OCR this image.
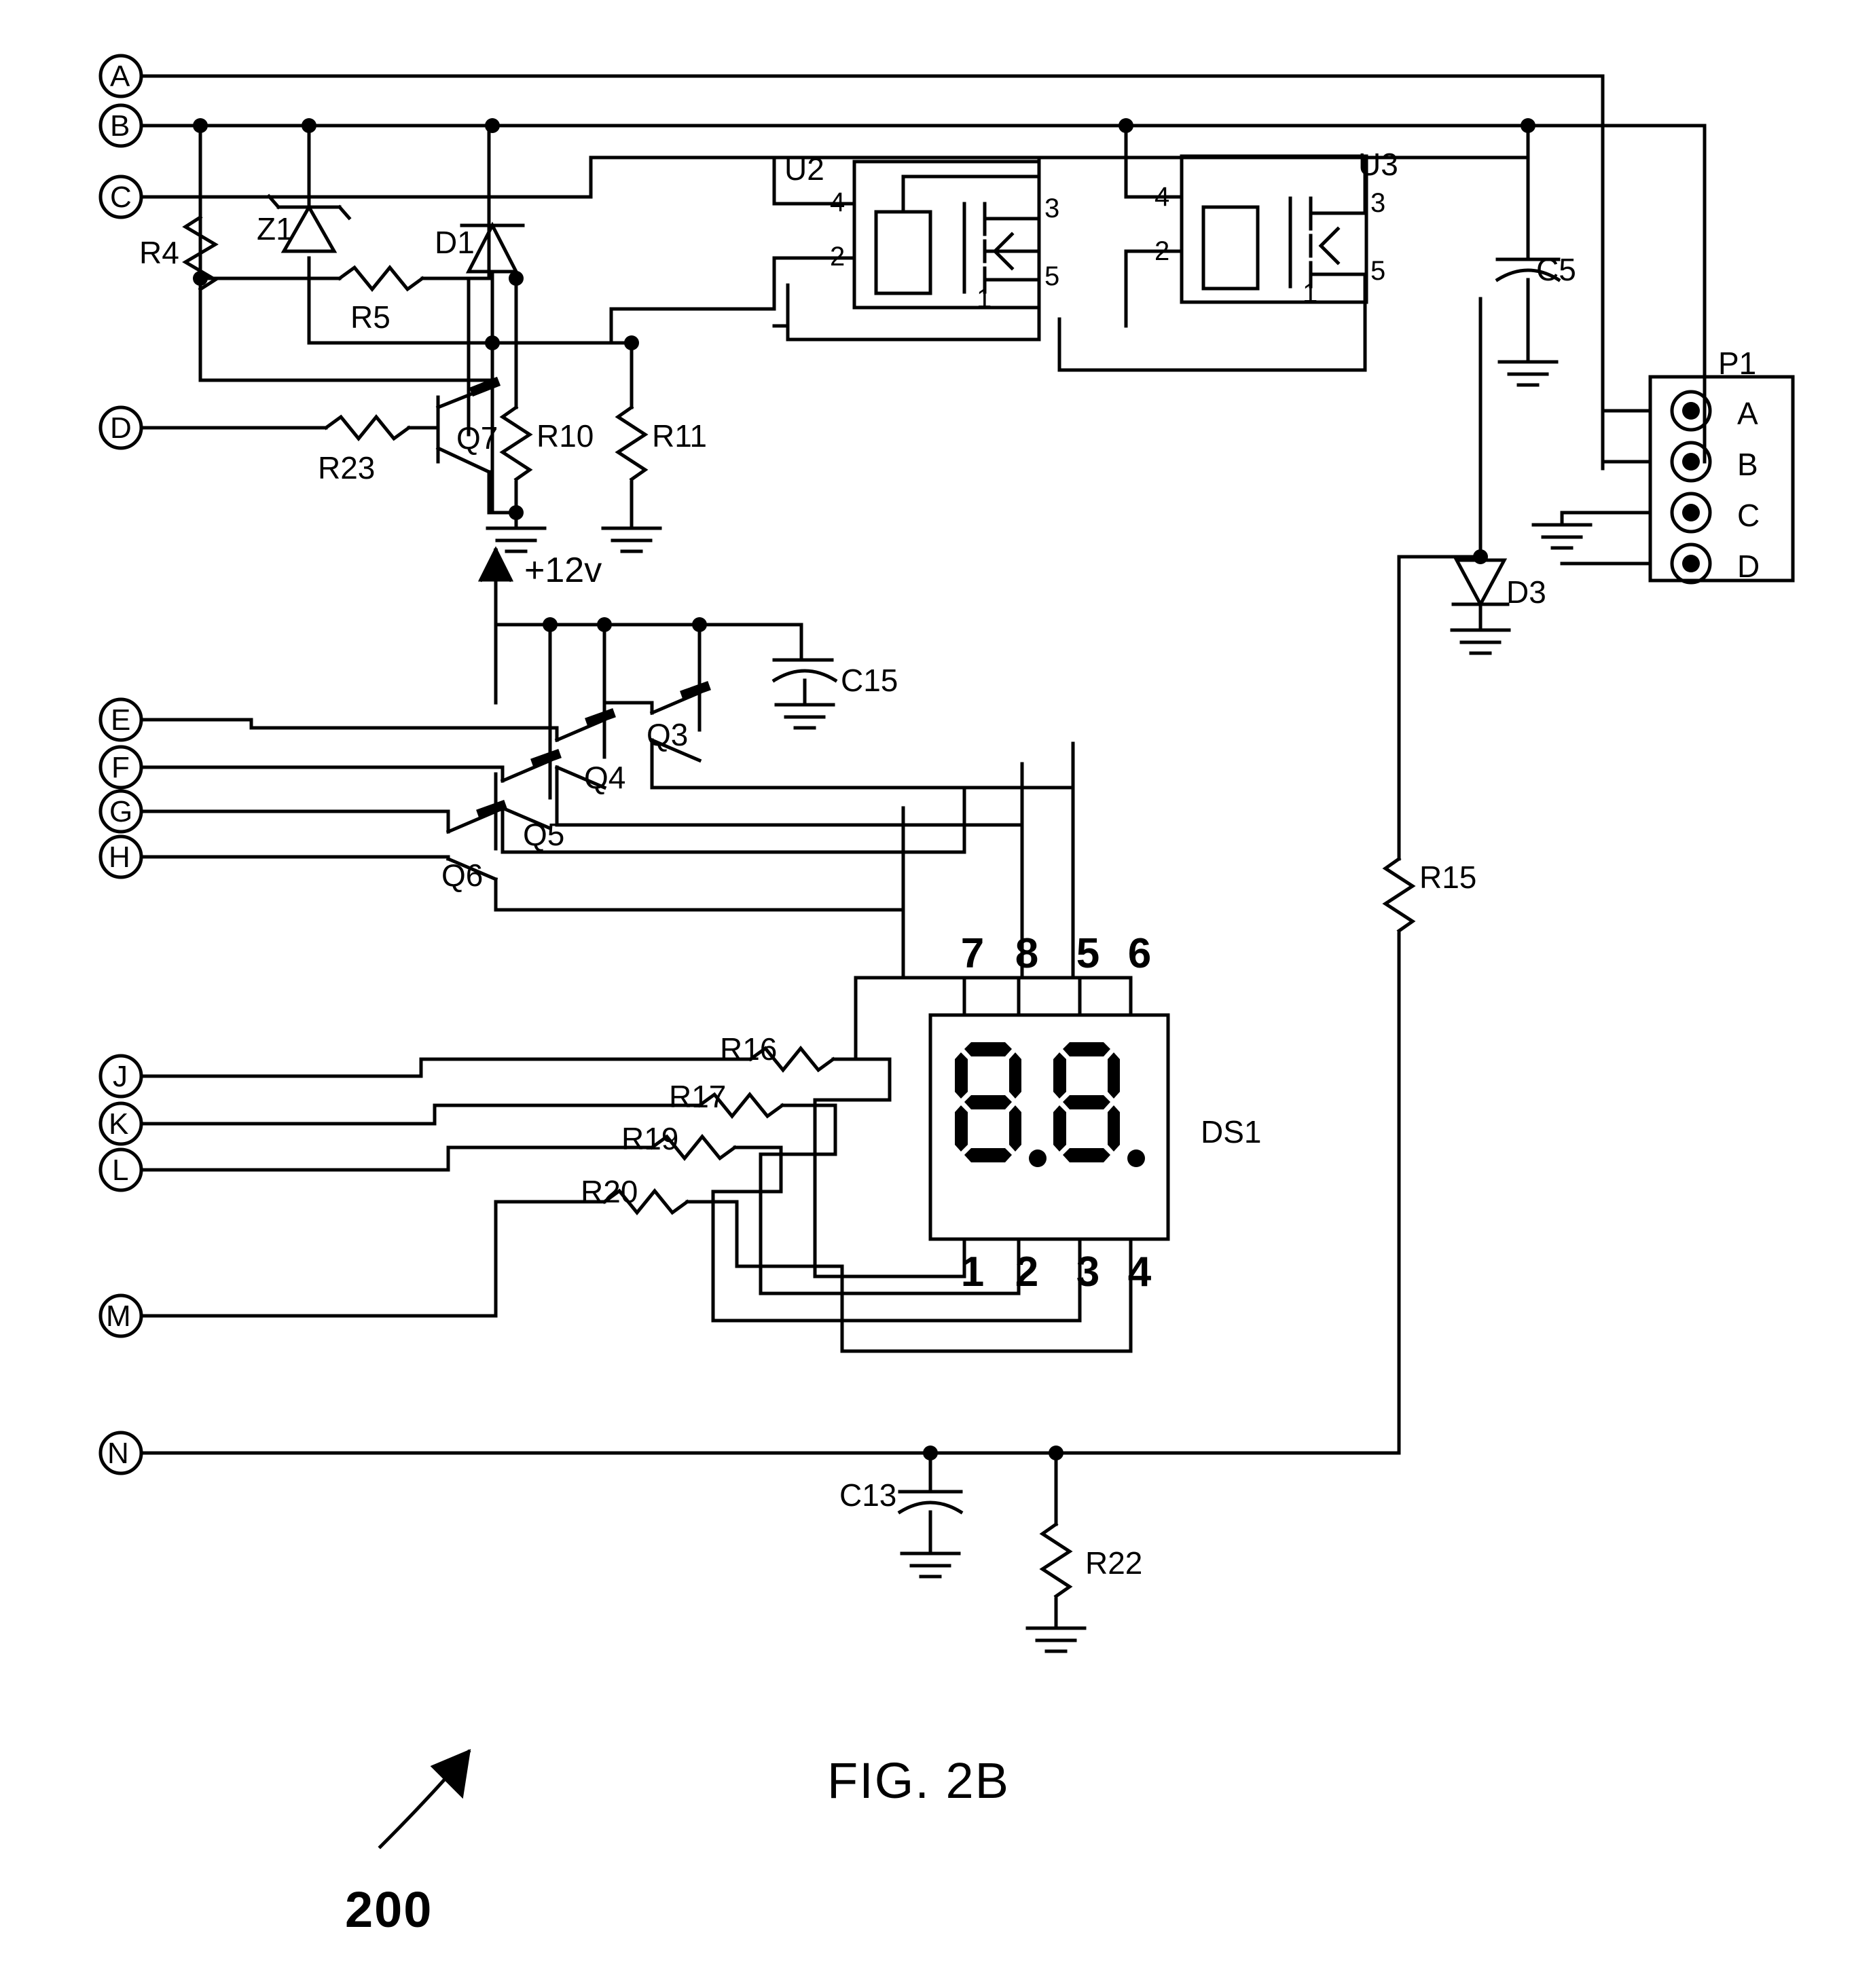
A
B
C
D
E
F
G
H
J
K
L
M
N
R4
Z1
R5
D1
R23
Q7 R10 R11
U2
4
2
1
3
5
U3
4
2
1
3
5	C5
P1
A
B
C
D
D3
+12v
C15
Q3
Q4
Q5
Q6	R15
R16
R17
R19
R20
7 8 5 6
1 2 3 4
DS1
C13
R22
FIG. 2B
200
